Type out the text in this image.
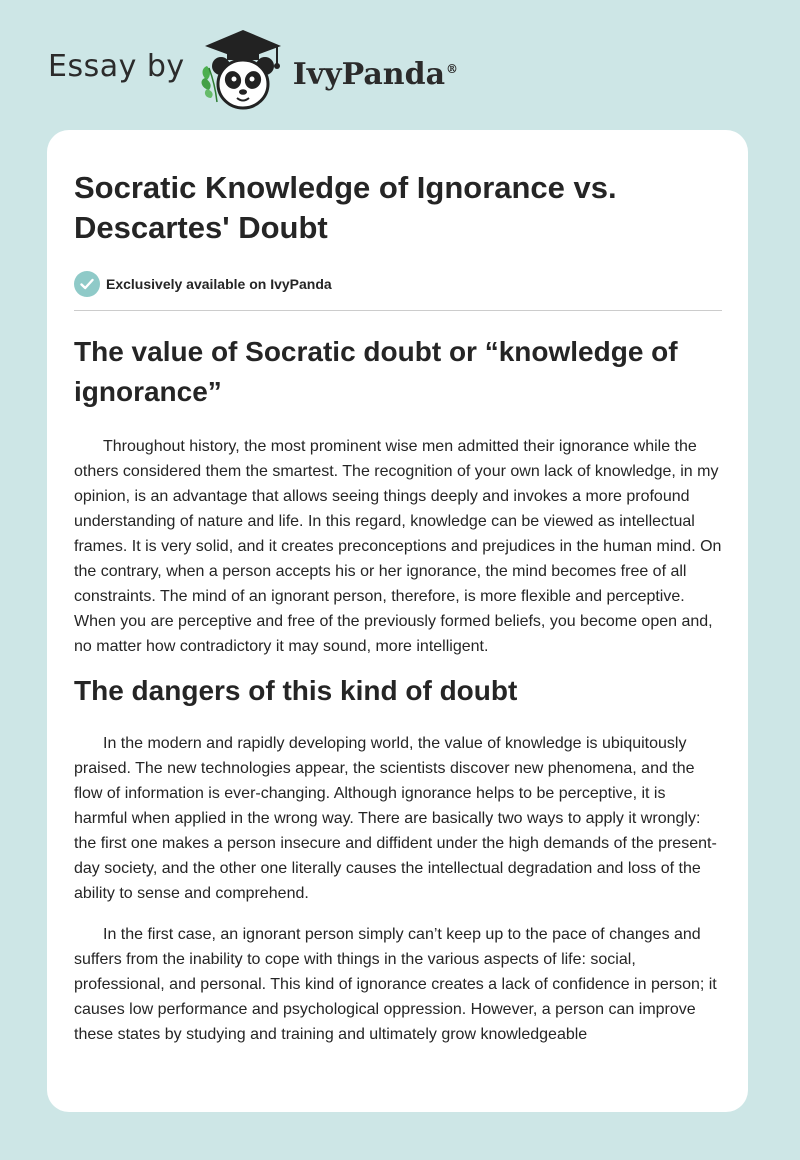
Essay by	IvyPanda®
Socratic Knowledge of Ignorance vs. Descartes' Doubt
Exclusively available on IvyPanda
The value of Socratic doubt or “knowledge of ignorance”

Throughout history, the most prominent wise men admitted their ignorance while the others considered them the smartest. The recognition of your own lack of knowledge, in my opinion, is an advantage that allows seeing things deeply and invokes a more profound understanding of nature and life. In this regard, knowledge can be viewed as intellectual frames. It is very solid, and it creates preconceptions and prejudices in the human mind. On the contrary, when a person accepts his or her ignorance, the mind becomes free of all constraints. The mind of an ignorant person, therefore, is more flexible and perceptive. When you are perceptive and free of the previously formed beliefs, you become open and, no matter how contradictory it may sound, more intelligent.

The dangers of this kind of doubt

In the modern and rapidly developing world, the value of knowledge is ubiquitously praised. The new technologies appear, the scientists discover new phenomena, and the flow of information is ever-changing. Although ignorance helps to be perceptive, it is harmful when applied in the wrong way. There are basically two ways to apply it wrongly: the first one makes a person insecure and diffident under the high demands of the present-day society, and the other one literally causes the intellectual degradation and loss of the ability to sense and comprehend.

In the first case, an ignorant person simply can’t keep up to the pace of changes and suffers from the inability to cope with things in the various aspects of life: social, professional, and personal. This kind of ignorance creates a lack of confidence in person; it causes low performance and psychological oppression. However, a person can improve these states by studying and training and ultimately grow knowledgeable
